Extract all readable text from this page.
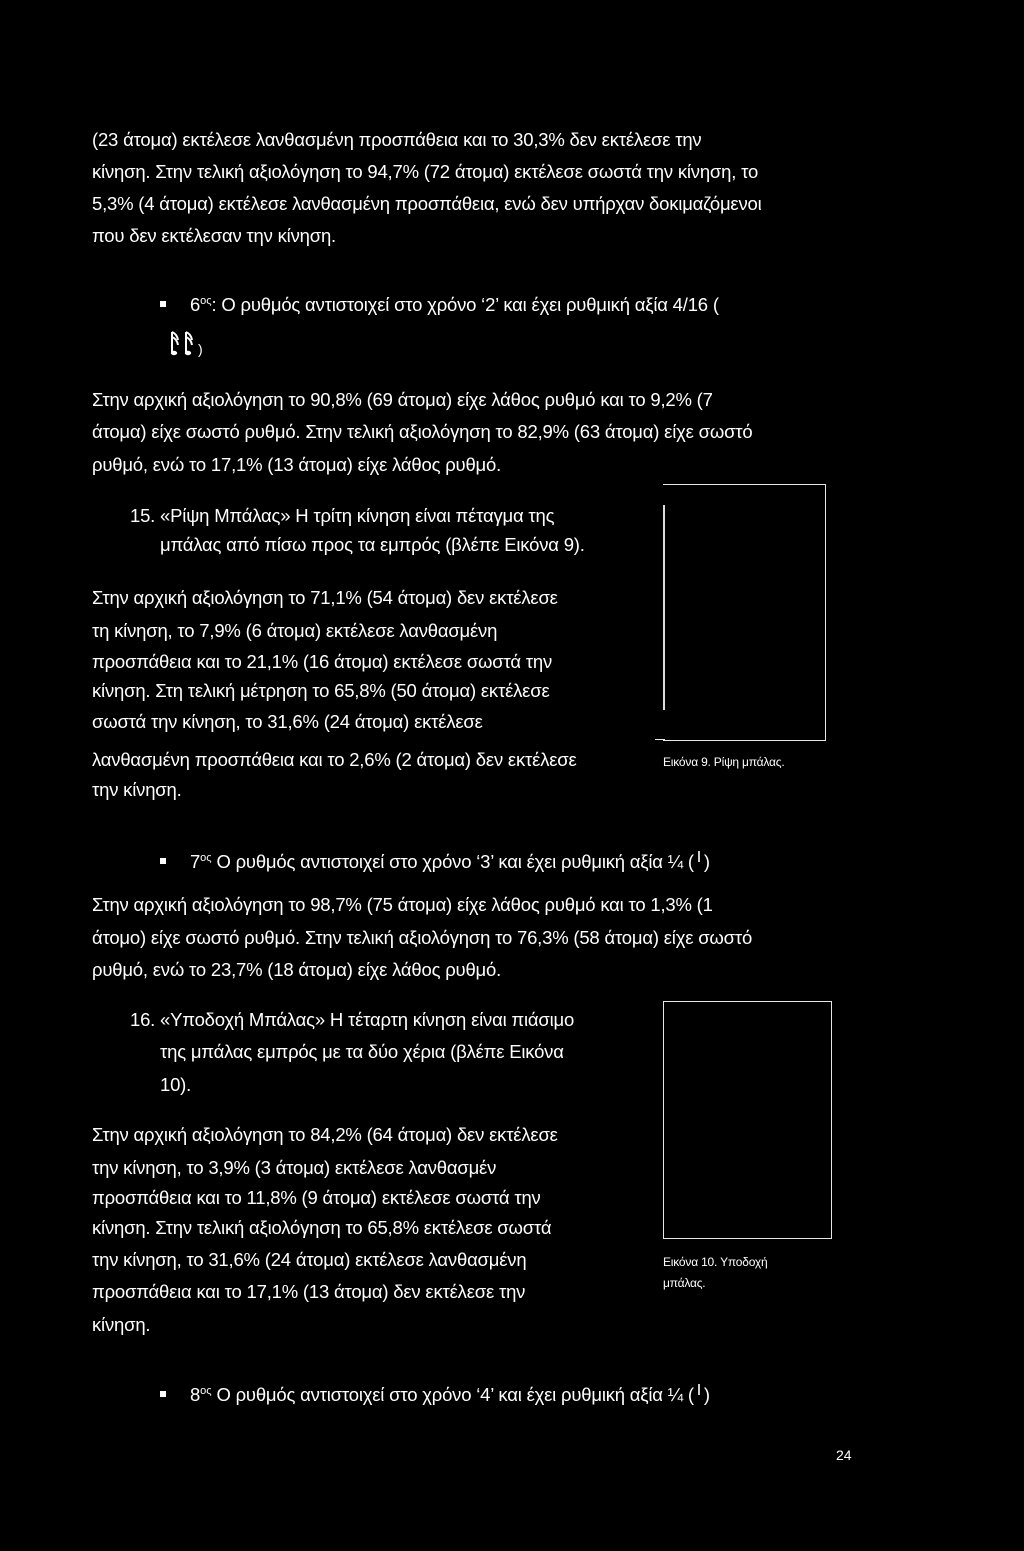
(23 άτομα) εκτέλεσε λανθασμένη προσπάθεια και το 30,3% δεν εκτέλεσε την
κίνηση. Στην τελική αξιολόγηση το 94,7% (72 άτομα) εκτέλεσε σωστά την κίνηση, το
5,3% (4 άτομα) εκτέλεσε λανθασμένη προσπάθεια, ενώ δεν υπήρχαν δοκιμαζόμενοι
που δεν εκτέλεσαν την κίνηση.
$6^{o\varsigma}$: Ο ρυθμός αντιστοιχεί στο χρόνο ‘2’ και έχει ρυθμική αξία 4/16 (
)
Στην αρχική αξιολόγηση το 90,8% (69 άτομα) είχε λάθος ρυθμό και το 9,2% (7
άτομα) είχε σωστό ρυθμό. Στην τελική αξιολόγηση το 82,9% (63 άτομα) είχε σωστό
ρυθμό, ενώ το 17,1% (13 άτομα) είχε λάθος ρυθμό.
15. «Ρίψη Μπάλας» Η τρίτη κίνηση είναι πέταγμα της
μπάλας από πίσω προς τα εμπρός (βλέπε Εικόνα 9).
Εικόνα 9. Ρίψη μπάλας.
Στην αρχική αξιολόγηση το 71,1% (54 άτομα) δεν εκτέλεσε
τη κίνηση, το 7,9% (6 άτομα) εκτέλεσε λανθασμένη
προσπάθεια και το 21,1% (16 άτομα) εκτέλεσε σωστά την
κίνηση. Στη τελική μέτρηση το 65,8% (50 άτομα) εκτέλεσε
σωστά την κίνηση, το 31,6% (24 άτομα) εκτέλεσε
λανθασμένη προσπάθεια και το 2,6% (2 άτομα) δεν εκτέλεσε
την κίνηση.
$7^{o\varsigma}$ Ο ρυθμός αντιστοιχεί στο χρόνο ‘3’ και έχει ρυθμική αξία ¼ ( )
Στην αρχική αξιολόγηση το 98,7% (75 άτομα) είχε λάθος ρυθμό και το 1,3% (1
άτομο) είχε σωστό ρυθμό. Στην τελική αξιολόγηση το 76,3% (58 άτομα) είχε σωστό
ρυθμό, ενώ το 23,7% (18 άτομα) είχε λάθος ρυθμό.
16. «Υποδοχή Μπάλας» Η τέταρτη κίνηση είναι πιάσιμο
της μπάλας εμπρός με τα δύο χέρια (βλέπε Εικόνα
10).
Εικόνα 10. Υποδοχή
μπάλας.
Στην αρχική αξιολόγηση το 84,2% (64 άτομα) δεν εκτέλεσε
την κίνηση, το 3,9% (3 άτομα) εκτέλεσε λανθασμέν
προσπάθεια και το 11,8% (9 άτομα) εκτέλεσε σωστά την
κίνηση. Στην τελική αξιολόγηση το 65,8% εκτέλεσε σωστά
την κίνηση, το 31,6% (24 άτομα) εκτέλεσε λανθασμένη
προσπάθεια και το 17,1% (13 άτομα) δεν εκτέλεσε την
κίνηση.
$8^{o\varsigma}$ Ο ρυθμός αντιστοιχεί στο χρόνο ‘4’ και έχει ρυθμική αξία ¼ ( )
24
